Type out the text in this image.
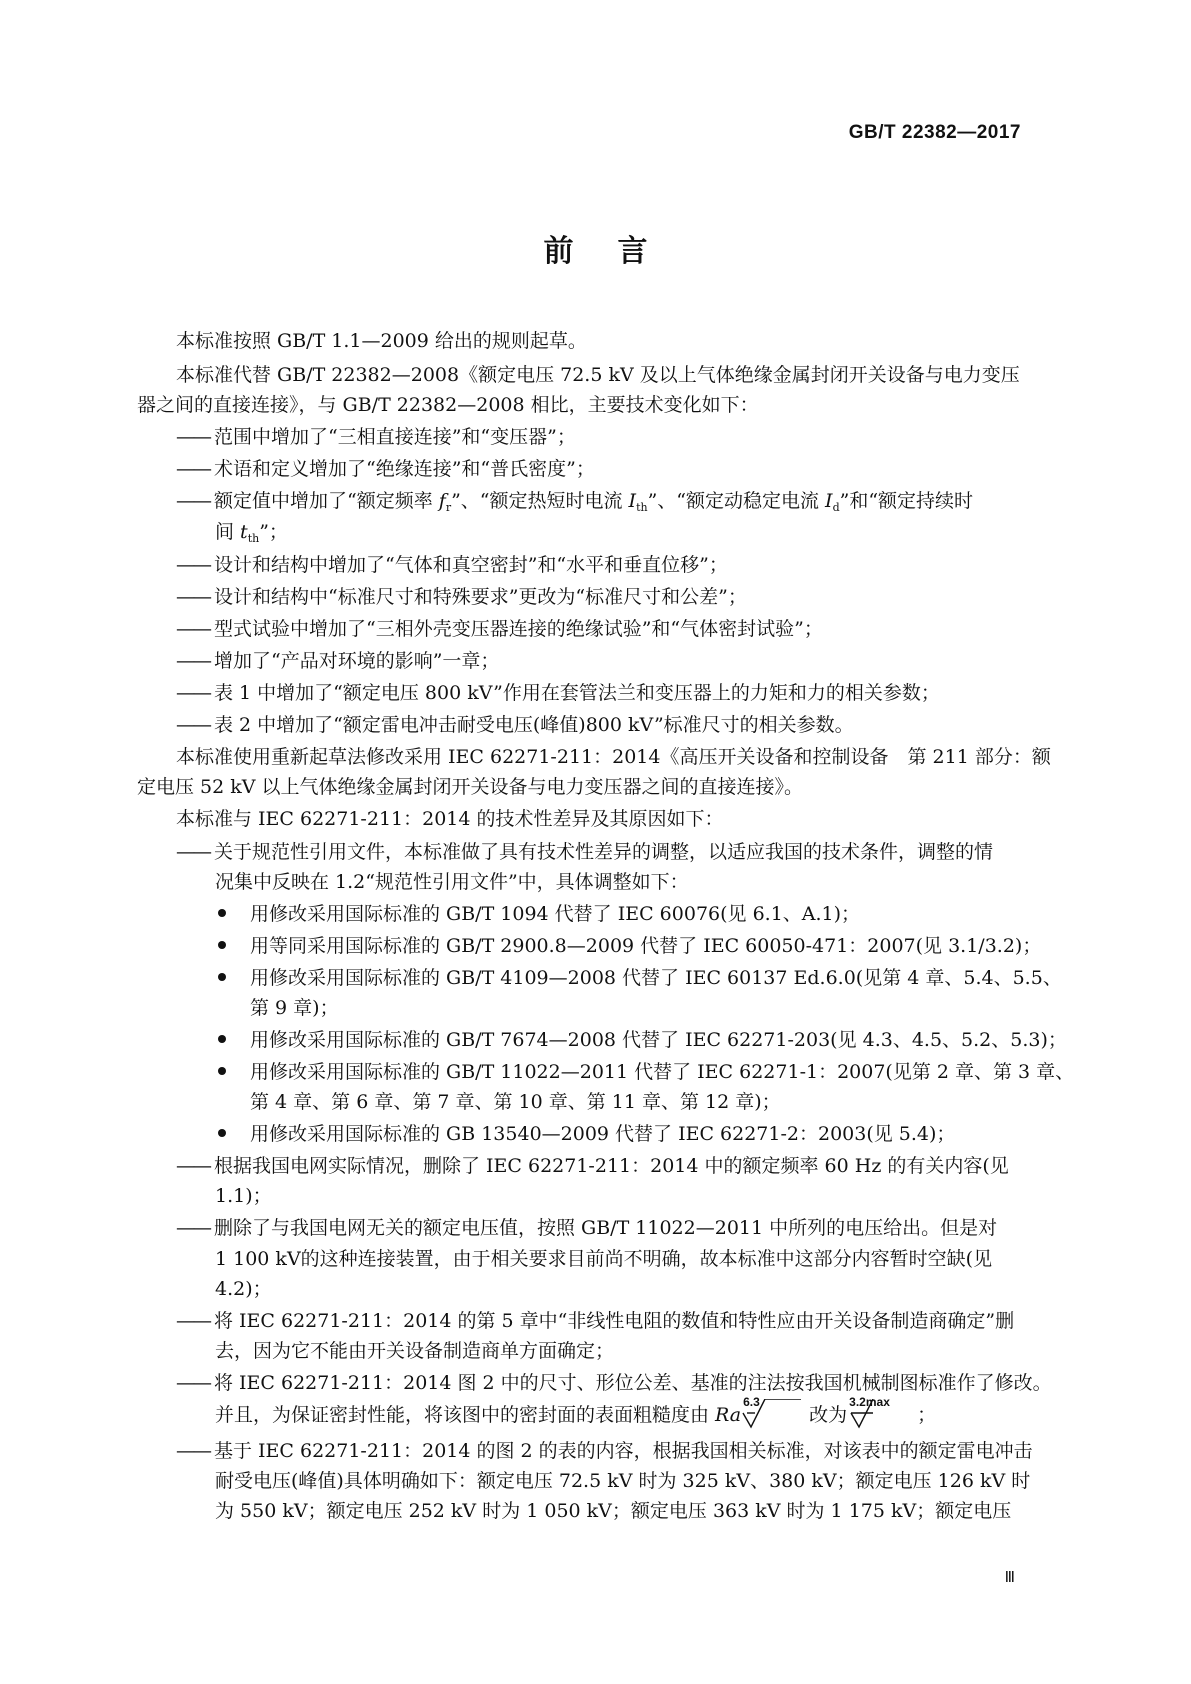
GB/T 22382—2017
前言
本标准按照 GB/T 1.1—2009 给出的规则起草。
本标准代替 GB/T 22382—2008《额定电压 72.5 kV 及以上气体绝缘金属封闭开关设备与电力变压
器之间的直接连接》，与 GB/T 22382—2008 相比，主要技术变化如下：
—— 范围中增加了“三相直接连接”和“变压器”；
—— 术语和定义增加了“绝缘连接”和“普氏密度”；
—— 额定值中增加了“额定频率 $f_r$”、“额定热短时电流 $I_{th}$”、“额定动稳定电流 $I_d$”和“额定持续时
间 $t_{th}$”；
—— 设计和结构中增加了“气体和真空密封”和“水平和垂直位移”；
—— 设计和结构中“标准尺寸和特殊要求”更改为“标准尺寸和公差”；
—— 型式试验中增加了“三相外壳变压器连接的绝缘试验”和“气体密封试验”；
—— 增加了“产品对环境的影响”一章；
—— 表 1 中增加了“额定电压 800 kV”作用在套管法兰和变压器上的力矩和力的相关参数；
—— 表 2 中增加了“额定雷电冲击耐受电压(峰值)800 kV”标准尺寸的相关参数。
本标准使用重新起草法修改采用 IEC 62271-211：2014《高压开关设备和控制设备　第 211 部分：额
定电压 52 kV 以上气体绝缘金属封闭开关设备与电力变压器之间的直接连接》。
本标准与 IEC 62271-211：2014 的技术性差异及其原因如下：
—— 关于规范性引用文件，本标准做了具有技术性差异的调整，以适应我国的技术条件，调整的情
况集中反映在 1.2“规范性引用文件”中，具体调整如下：
用修改采用国际标准的 GB/T 1094 代替了 IEC 60076(见 6.1、A.1)；
用等同采用国际标准的 GB/T 2900.8—2009 代替了 IEC 60050-471：2007(见 3.1/3.2)；
用修改采用国际标准的 GB/T 4109—2008 代替了 IEC 60137 Ed.6.0(见第 4 章、5.4、5.5、
第 9 章)；
用修改采用国际标准的 GB/T 7674—2008 代替了 IEC 62271-203(见 4.3、4.5、5.2、5.3)；
用修改采用国际标准的 GB/T 11022—2011 代替了 IEC 62271-1：2007(见第 2 章、第 3 章、
第 4 章、第 6 章、第 7 章、第 10 章、第 11 章、第 12 章)；
用修改采用国际标准的 GB 13540—2009 代替了 IEC 62271-2：2003(见 5.4)；
—— 根据我国电网实际情况，删除了 IEC 62271-211：2014 中的额定频率 60 Hz 的有关内容(见
1.1)；
—— 删除了与我国电网无关的额定电压值，按照 GB/T 11022—2011 中所列的电压给出。但是对
1 100 kV的这种连接装置，由于相关要求目前尚不明确，故本标准中这部分内容暂时空缺(见
4.2)；
—— 将 IEC 62271-211：2014 的第 5 章中“非线性电阻的数值和特性应由开关设备制造商确定”删
去，因为它不能由开关设备制造商单方面确定；
—— 将 IEC 62271-211：2014 图 2 中的尺寸、形位公差、基准的注法按我国机械制图标准作了修改。
并且，为保证密封性能，将该图中的密封面的表面粗糙度由 Ra
6.3
改为
3.2max
；
—— 基于 IEC 62271-211：2014 的图 2 的表的内容，根据我国相关标准，对该表中的额定雷电冲击
耐受电压(峰值)具体明确如下：额定电压 72.5 kV 时为 325 kV、380 kV；额定电压 126 kV 时
为 550 kV；额定电压 252 kV 时为 1 050 kV；额定电压 363 kV 时为 1 175 kV；额定电压
Ⅲ
